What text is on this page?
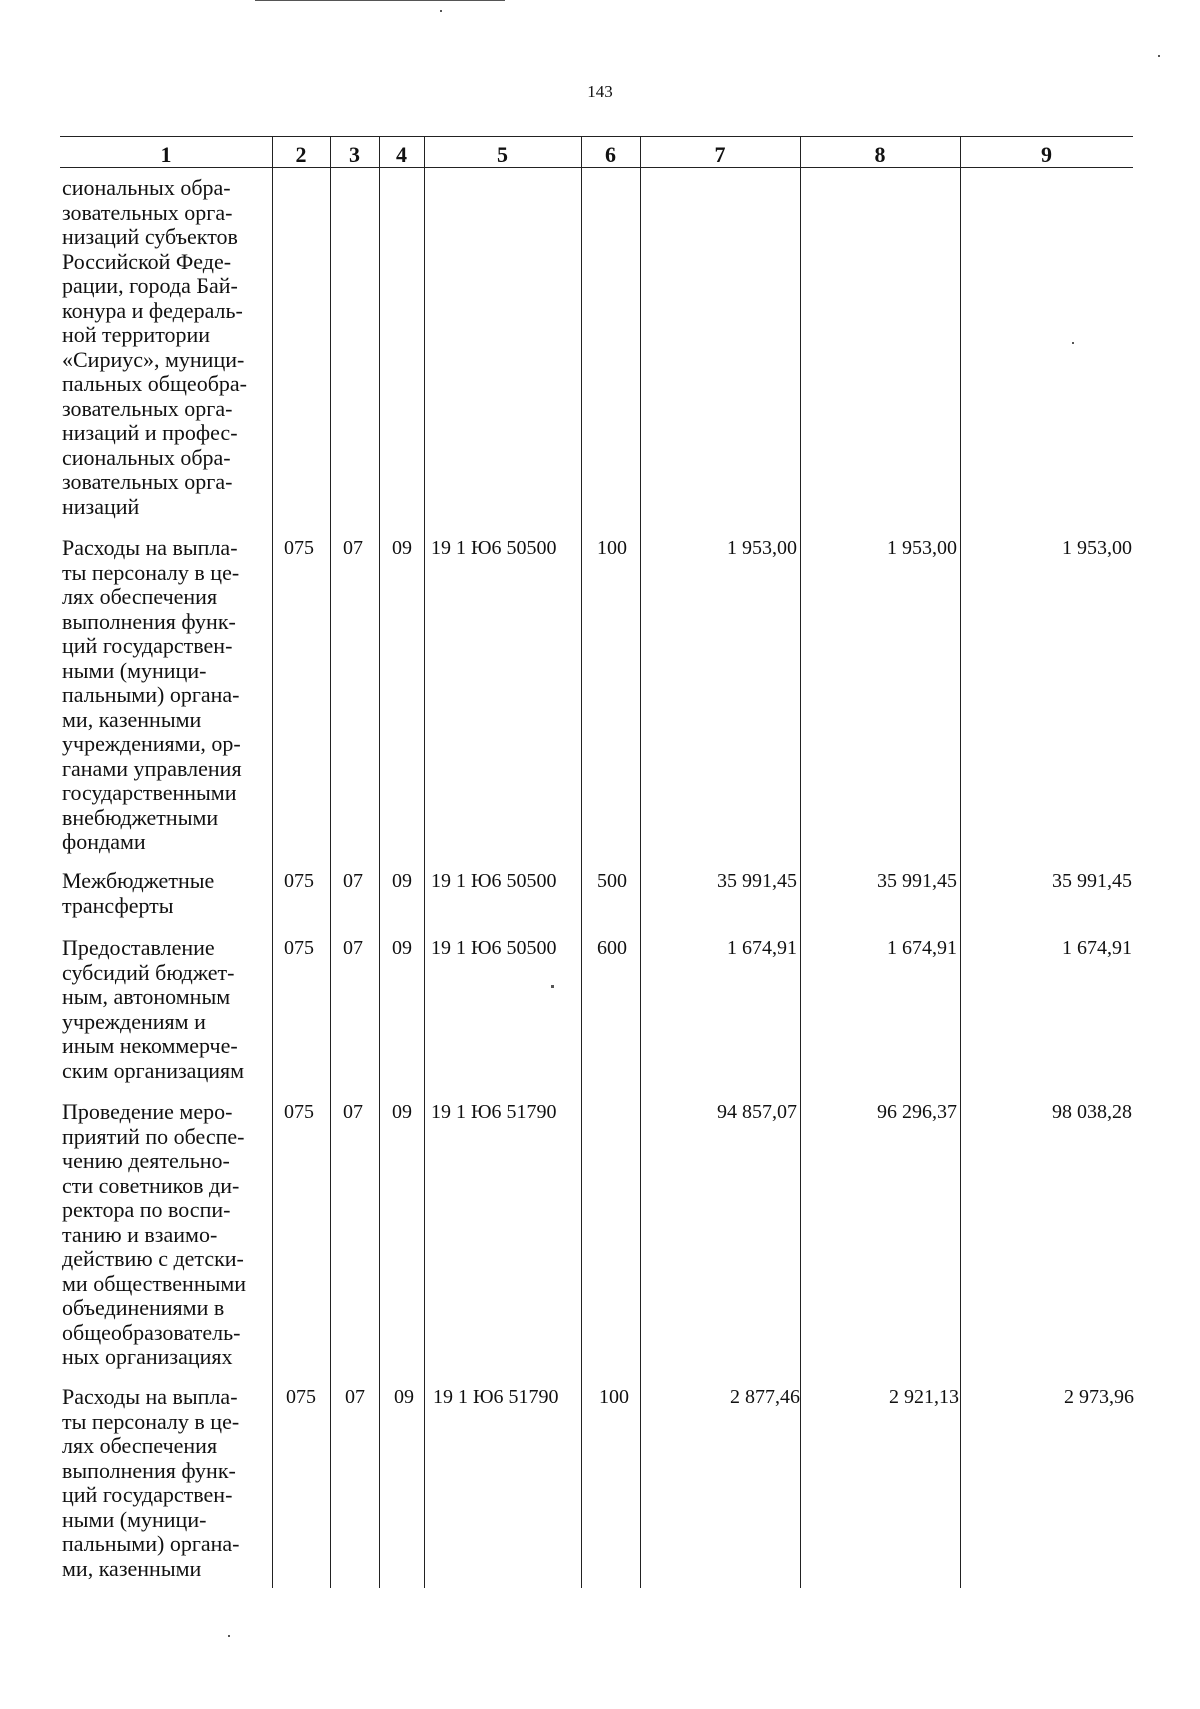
143
1	2	3	4	5	6	7	8	9
сиональных обра-
зовательных орга-
низаций субъектов
Российской Феде-
рации, города Бай-
конура и федераль-
ной территории
«Сириус», муници-
пальных общеобра-
зовательных орга-
низаций и профес-
сиональных обра-
зовательных орга-
низаций
Расходы на выпла-
ты персоналу в це-
лях обеспечения
выполнения функ-
ций государствен-
ными (муници-
пальными) органа-
ми, казенными
учреждениями, ор-
ганами управления
государственными
внебюджетными
фондами
075 07 09 19 1 Ю6 50500 100	1 953,00	1 953,00	1 953,00
Межбюджетные
трансферты
075 07 09 19 1 Ю6 50500 500	35 991,45	35 991,45	35 991,45
Предоставление
субсидий бюджет-
ным, автономным
учреждениям и
иным некоммерче-
ским организациям
075 07 09 19 1 Ю6 50500 600	1 674,91	1 674,91	1 674,91
Проведение меро-
приятий по обеспе-
чению деятельно-
сти советников ди-
ректора по воспи-
танию и взаимо-
действию с детски-
ми общественными
объединениями в
общеобразователь-
ных организациях
075 07 09 19 1 Ю6 51790	94 857,07	96 296,37	98 038,28
Расходы на выпла-
ты персоналу в це-
лях обеспечения
выполнения функ-
ций государствен-
ными (муници-
пальными) органа-
ми, казенными
075 07 09 19 1 Ю6 51790 100	2 877,46	2 921,13	2 973,96
